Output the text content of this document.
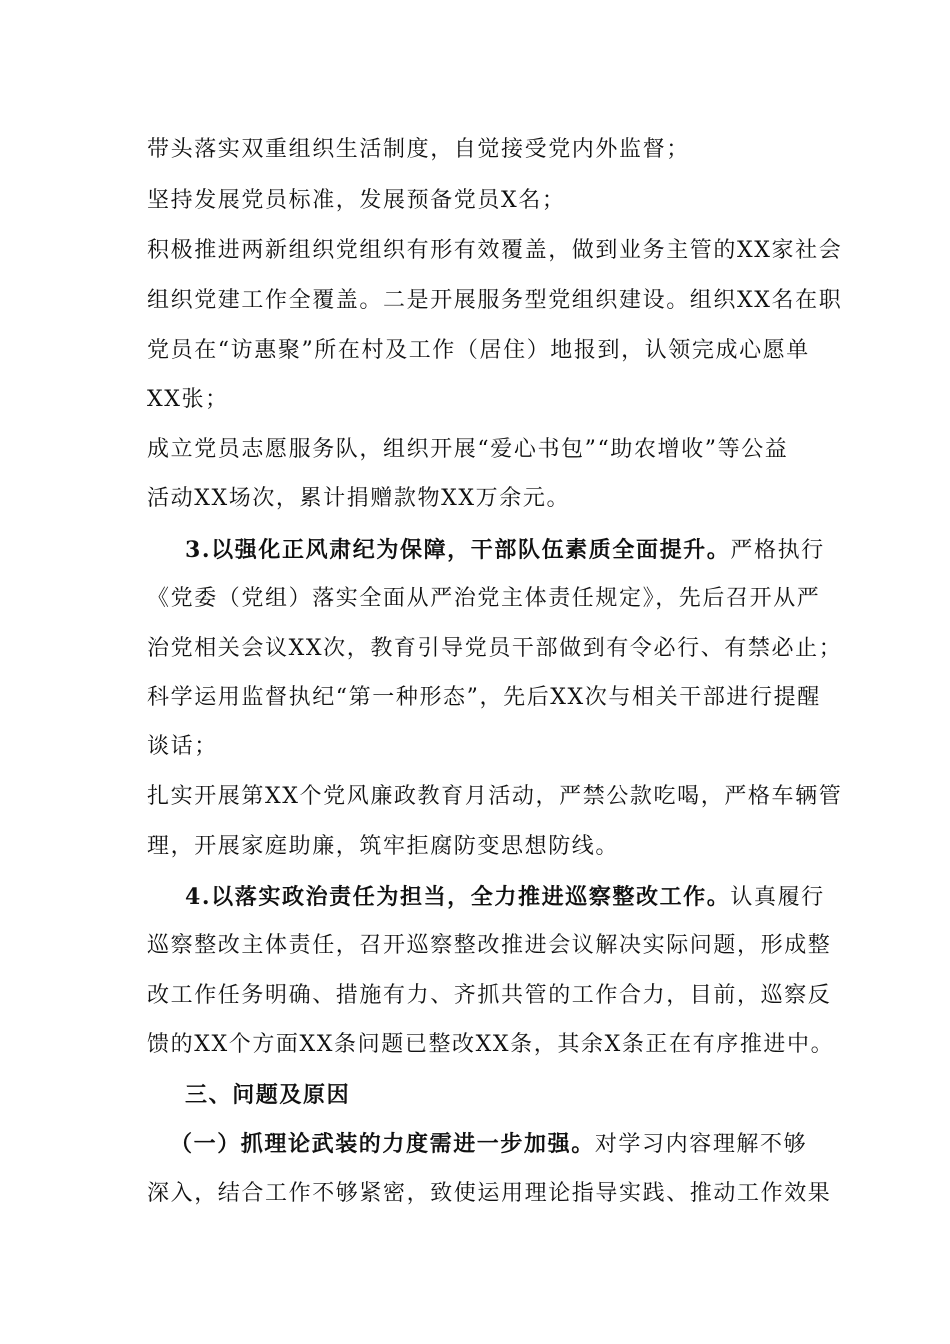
带头落实双重组织生活制度，自觉接受党内外监督；
坚持发展党员标准，发展预备党员X名；
积极推进两新组织党组织有形有效覆盖，做到业务主管的XX家社会
组织党建工作全覆盖。二是开展服务型党组织建设。组织XX名在职
党员在“访惠聚”所在村及工作（居住）地报到，认领完成心愿单
XX张；
成立党员志愿服务队，组织开展“爱心书包”“助农增收”等公益
活动XX场次，累计捐赠款物XX万余元。
3.以强化正风肃纪为保障，干部队伍素质全面提升。严格执行
《党委（党组）落实全面从严治党主体责任规定》，先后召开从严
治党相关会议XX次，教育引导党员干部做到有令必行、有禁必止；
科学运用监督执纪“第一种形态”，先后XX次与相关干部进行提醒
谈话；
扎实开展第XX个党风廉政教育月活动，严禁公款吃喝，严格车辆管
理，开展家庭助廉，筑牢拒腐防变思想防线。
4.以落实政治责任为担当，全力推进巡察整改工作。认真履行
巡察整改主体责任，召开巡察整改推进会议解决实际问题，形成整
改工作任务明确、措施有力、齐抓共管的工作合力，目前，巡察反
馈的XX个方面XX条问题已整改XX条，其余X条正在有序推进中。
三、问题及原因
（一）抓理论武装的力度需进一步加强。对学习内容理解不够
深入，结合工作不够紧密，致使运用理论指导实践、推动工作效果
